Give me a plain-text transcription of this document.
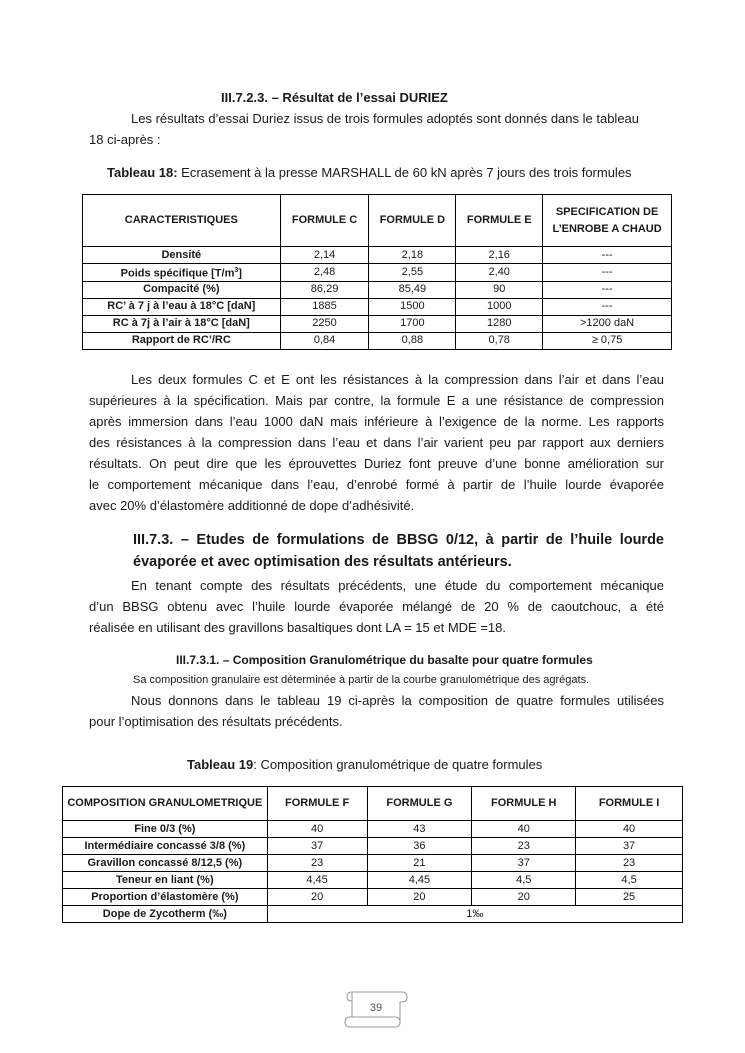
III.7.2.3. – Résultat de l’essai DURIEZ
Les résultats d’essai Duriez issus de trois formules adoptés sont donnés dans le tableau
18 ci-après :
Tableau 18: Ecrasement à la presse MARSHALL de 60 kN après 7 jours des trois formules
CARACTERISTIQUES	FORMULE C	FORMULE D	FORMULE E	SPECIFICATION DE L’ENROBE A CHAUD
Densité	2,14	2,18	2,16	---
Poids spécifique $[T/m^3]$	2,48	2,55	2,40	---
Compacité (%)	86,29	85,49	90	---
RC’ à 7 j à l’eau à 18°C [daN]	1885	1500	1000	---
RC à 7j à l’air à 18°C [daN]	2250	1700	1280	>1200 daN
Rapport de RC’/RC	0,84	0,88	0,78	≥ 0,75
Les deux formules C et E ont les résistances à la compression dans l’air et dans l’eau
supérieures à la spécification. Mais par contre, la formule E a une résistance de compression
après immersion dans l’eau 1000 daN mais inférieure à l’exigence de la norme. Les rapports
des résistances à la compression dans l’eau et dans l’air varient peu par rapport aux derniers
résultats. On peut dire que les éprouvettes Duriez font preuve d’une bonne amélioration sur
le comportement mécanique dans l’eau, d’enrobé formé à partir de l’huile lourde évaporée
avec 20% d’élastomère additionné de dope d’adhésivité.
III.7.3. – Etudes de formulations de BBSG 0/12, à partir de l’huile lourde
évaporée et avec optimisation des résultats antérieurs.
En tenant compte des résultats précédents, une étude du comportement mécanique
d’un BBSG obtenu avec l’huile lourde évaporée mélangé de 20 % de caoutchouc, a été
réalisée en utilisant des gravillons basaltiques dont LA = 15 et MDE =18.
III.7.3.1. – Composition Granulométrique du basalte pour quatre formules
Sa composition granulaire est déterminée à partir de la courbe granulométrique des agrégats.
Nous donnons dans le tableau 19 ci-après la composition de quatre formules utilisées
pour l’optimisation des résultats précédents.
Tableau 19: Composition granulométrique de quatre formules
COMPOSITION GRANULOMETRIQUE	FORMULE F	FORMULE G	FORMULE H	FORMULE I
Fine 0/3 (%)	40	43	40	40
Intermédiaire concassé 3/8 (%)	37	36	23	37
Gravillon concassé 8/12,5 (%)	23	21	37	23
Teneur en liant (%)	4,45	4,45	4,5	4,5
Proportion d’élastomère (%)	20	20	20	25
Dope de Zycotherm (‰)	1‰			
39
